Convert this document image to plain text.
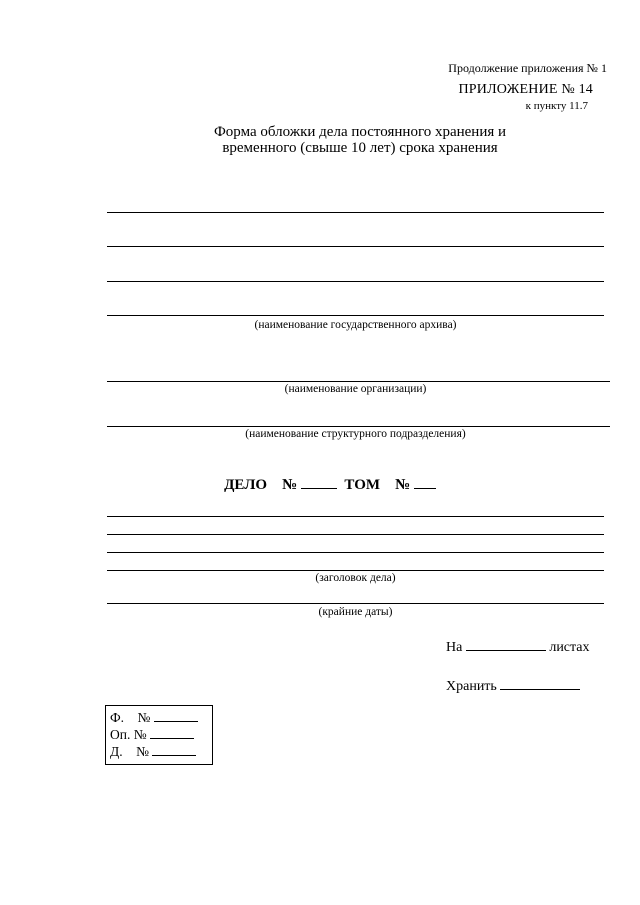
Продолжение приложения № 1
ПРИЛОЖЕНИЕ № 14
к пункту 11.7
Форма обложки дела постоянного хранения и
временного (свыше 10 лет) срока хранения
(наименование государственного архива)
(наименование организации)
(наименование структурного подразделения)
ДЕЛО №	ТОМ №
(заголовок дела)
(крайние даты)
На	листах
Хранить
Ф. №
Оп. №
Д. №
